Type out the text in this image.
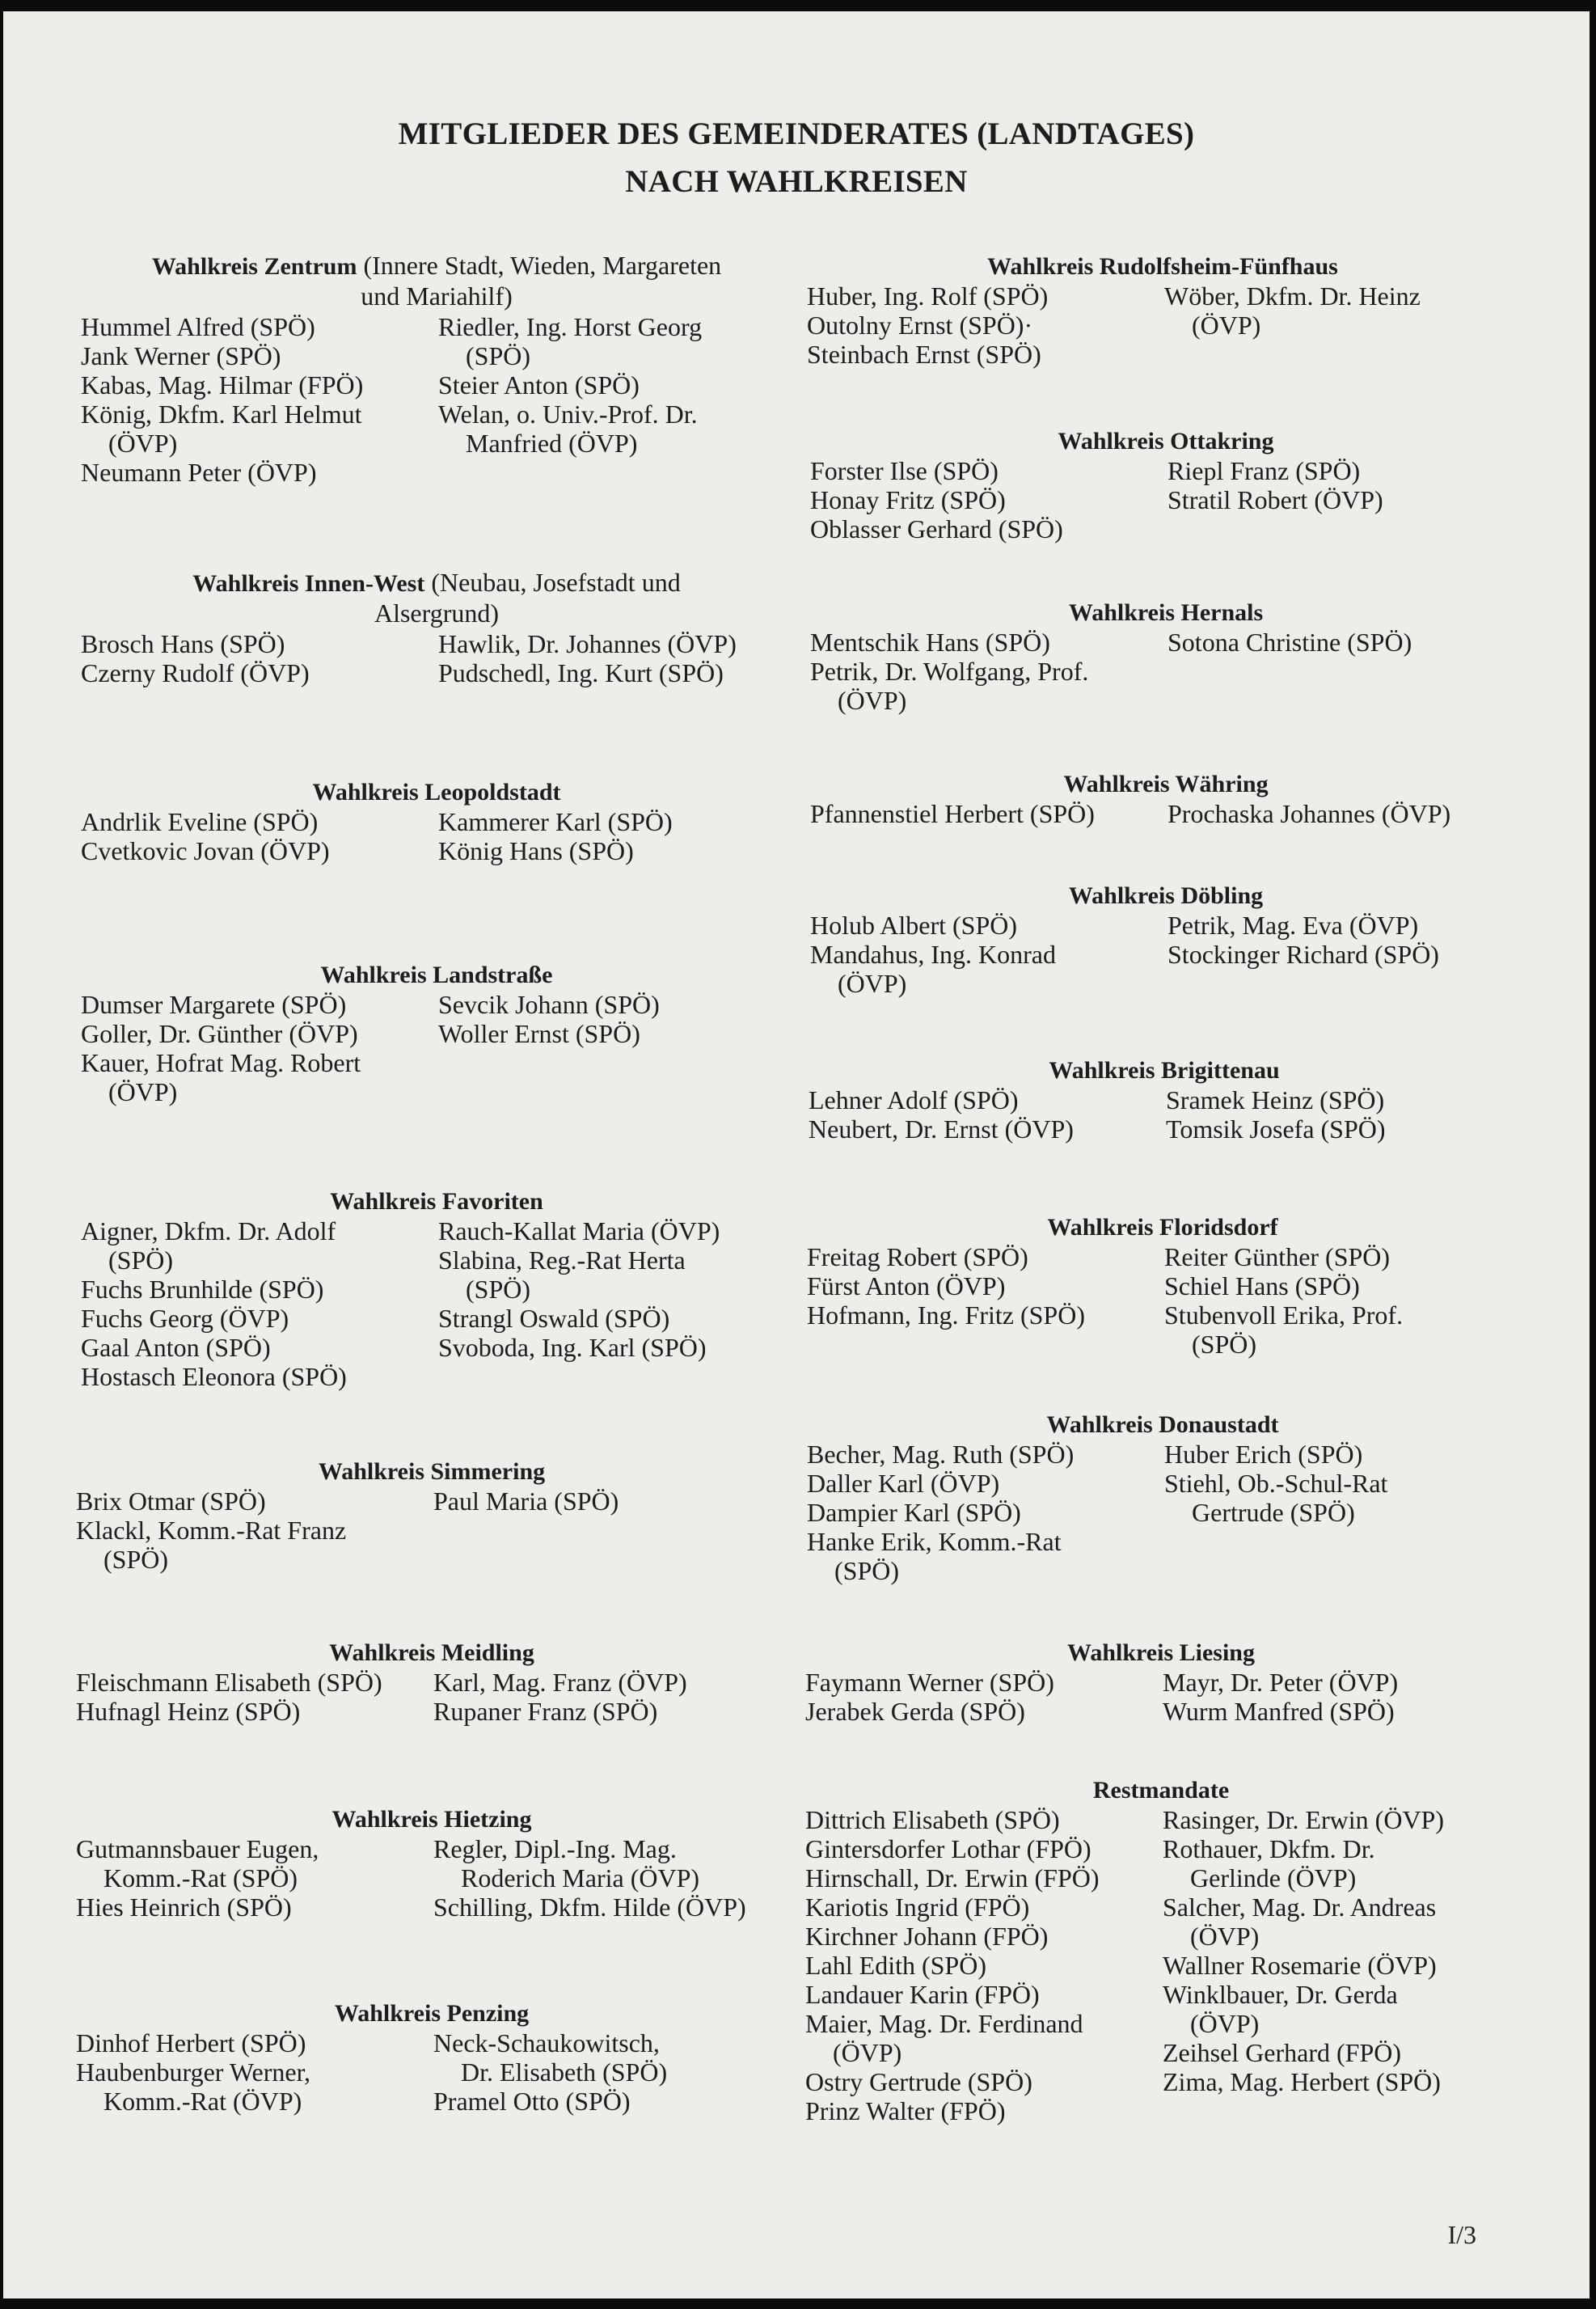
MITGLIEDER DES GEMEINDERATES (LANDTAGES)
NACH WAHLKREISEN
Wahlkreis Zentrum (Innere Stadt, Wieden, Margareten
und Mariahilf)
Hummel Alfred (SPÖ)
Jank Werner (SPÖ)
Kabas, Mag. Hilmar (FPÖ)
König, Dkfm. Karl Helmut
(ÖVP)
Neumann Peter (ÖVP)
Riedler, Ing. Horst Georg
(SPÖ)
Steier Anton (SPÖ)
Welan, o. Univ.-Prof. Dr.
Manfried (ÖVP)
Wahlkreis Innen-West (Neubau, Josefstadt und
Alsergrund)
Brosch Hans (SPÖ)
Czerny Rudolf (ÖVP)
Hawlik, Dr. Johannes (ÖVP)
Pudschedl, Ing. Kurt (SPÖ)
Wahlkreis Leopoldstadt
Andrlik Eveline (SPÖ)
Cvetkovic Jovan (ÖVP)
Kammerer Karl (SPÖ)
König Hans (SPÖ)
Wahlkreis Landstraße
Dumser Margarete (SPÖ)
Goller, Dr. Günther (ÖVP)
Kauer, Hofrat Mag. Robert
(ÖVP)
Sevcik Johann (SPÖ)
Woller Ernst (SPÖ)
Wahlkreis Favoriten
Aigner, Dkfm. Dr. Adolf
(SPÖ)
Fuchs Brunhilde (SPÖ)
Fuchs Georg (ÖVP)
Gaal Anton (SPÖ)
Hostasch Eleonora (SPÖ)
Rauch-Kallat Maria (ÖVP)
Slabina, Reg.-Rat Herta
(SPÖ)
Strangl Oswald (SPÖ)
Svoboda, Ing. Karl (SPÖ)
Wahlkreis Simmering
Brix Otmar (SPÖ)
Klackl, Komm.-Rat Franz
(SPÖ)
Paul Maria (SPÖ)
Wahlkreis Meidling
Fleischmann Elisabeth (SPÖ)
Hufnagl Heinz (SPÖ)
Karl, Mag. Franz (ÖVP)
Rupaner Franz (SPÖ)
Wahlkreis Hietzing
Gutmannsbauer Eugen,
Komm.-Rat (SPÖ)
Hies Heinrich (SPÖ)
Regler, Dipl.-Ing. Mag.
Roderich Maria (ÖVP)
Schilling, Dkfm. Hilde (ÖVP)
Wahlkreis Penzing
Dinhof Herbert (SPÖ)
Haubenburger Werner,
Komm.-Rat (ÖVP)
Neck-Schaukowitsch,
Dr. Elisabeth (SPÖ)
Pramel Otto (SPÖ)
Wahlkreis Rudolfsheim-Fünfhaus
Huber, Ing. Rolf (SPÖ)
Outolny Ernst (SPÖ)·
Steinbach Ernst (SPÖ)
Wöber, Dkfm. Dr. Heinz
(ÖVP)
Wahlkreis Ottakring
Forster Ilse (SPÖ)
Honay Fritz (SPÖ)
Oblasser Gerhard (SPÖ)
Riepl Franz (SPÖ)
Stratil Robert (ÖVP)
Wahlkreis Hernals
Mentschik Hans (SPÖ)
Petrik, Dr. Wolfgang, Prof.
(ÖVP)
Sotona Christine (SPÖ)
Wahlkreis Währing
Pfannenstiel Herbert (SPÖ)	Prochaska Johannes (ÖVP)
Wahlkreis Döbling
Holub Albert (SPÖ)
Mandahus, Ing. Konrad
(ÖVP)
Petrik, Mag. Eva (ÖVP)
Stockinger Richard (SPÖ)
Wahlkreis Brigittenau
Lehner Adolf (SPÖ)
Neubert, Dr. Ernst (ÖVP)
Sramek Heinz (SPÖ)
Tomsik Josefa (SPÖ)
Wahlkreis Floridsdorf
Freitag Robert (SPÖ)
Fürst Anton (ÖVP)
Hofmann, Ing. Fritz (SPÖ)
Reiter Günther (SPÖ)
Schiel Hans (SPÖ)
Stubenvoll Erika, Prof.
(SPÖ)
Wahlkreis Donaustadt
Becher, Mag. Ruth (SPÖ)
Daller Karl (ÖVP)
Dampier Karl (SPÖ)
Hanke Erik, Komm.-Rat
(SPÖ)
Huber Erich (SPÖ)
Stiehl, Ob.-Schul-Rat
Gertrude (SPÖ)
Wahlkreis Liesing
Faymann Werner (SPÖ)
Jerabek Gerda (SPÖ)
Mayr, Dr. Peter (ÖVP)
Wurm Manfred (SPÖ)
Restmandate
Dittrich Elisabeth (SPÖ)
Gintersdorfer Lothar (FPÖ)
Hirnschall, Dr. Erwin (FPÖ)
Kariotis Ingrid (FPÖ)
Kirchner Johann (FPÖ)
Lahl Edith (SPÖ)
Landauer Karin (FPÖ)
Maier, Mag. Dr. Ferdinand
(ÖVP)
Ostry Gertrude (SPÖ)
Prinz Walter (FPÖ)
Rasinger, Dr. Erwin (ÖVP)
Rothauer, Dkfm. Dr.
Gerlinde (ÖVP)
Salcher, Mag. Dr. Andreas
(ÖVP)
Wallner Rosemarie (ÖVP)
Winklbauer, Dr. Gerda
(ÖVP)
Zeihsel Gerhard (FPÖ)
Zima, Mag. Herbert (SPÖ)
I/3
